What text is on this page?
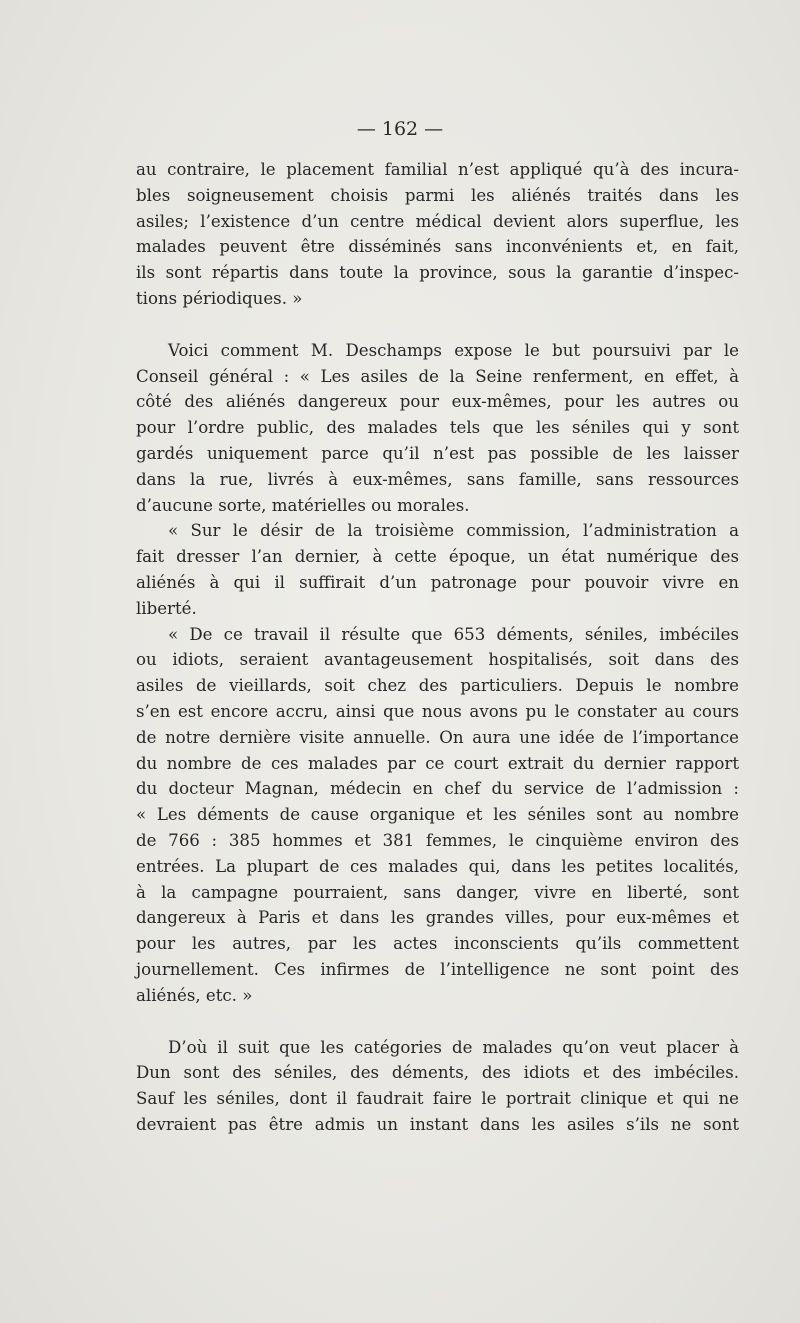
— 162 —

au contraire, le placement familial n’est appliqué qu’à des incura-
bles soigneusement choisis parmi les aliénés traités dans les
asiles; l’existence d’un centre médical devient alors superflue, les
malades peuvent être disséminés sans inconvénients et, en fait,
ils sont répartis dans toute la province, sous la garantie d’inspec-
tions périodiques. »

Voici comment M. Deschamps expose le but poursuivi par le
Conseil général : « Les asiles de la Seine renferment, en effet, à
côté des aliénés dangereux pour eux-mêmes, pour les autres ou
pour l’ordre public, des malades tels que les séniles qui y sont
gardés uniquement parce qu’il n’est pas possible de les laisser
dans la rue, livrés à eux-mêmes, sans famille, sans ressources
d’aucune sorte, matérielles ou morales.

« Sur le désir de la troisième commission, l’administration a
fait dresser l’an dernier, à cette époque, un état numérique des
aliénés à qui il suffirait d’un patronage pour pouvoir vivre en
liberté.

« De ce travail il résulte que 653 déments, séniles, imbéciles
ou idiots, seraient avantageusement hospitalisés, soit dans des
asiles de vieillards, soit chez des particuliers. Depuis le nombre
s’en est encore accru, ainsi que nous avons pu le constater au cours
de notre dernière visite annuelle. On aura une idée de l’importance
du nombre de ces malades par ce court extrait du dernier rapport
du docteur Magnan, médecin en chef du service de l’admission :
« Les déments de cause organique et les séniles sont au nombre
de 766 : 385 hommes et 381 femmes, le cinquième environ des
entrées. La plupart de ces malades qui, dans les petites localités,
à la campagne pourraient, sans danger, vivre en liberté, sont
dangereux à Paris et dans les grandes villes, pour eux-mêmes et
pour les autres, par les actes inconscients qu’ils commettent
journellement. Ces infirmes de l’intelligence ne sont point des
aliénés, etc. »

D’où il suit que les catégories de malades qu’on veut placer à
Dun sont des séniles, des déments, des idiots et des imbéciles.
Sauf les séniles, dont il faudrait faire le portrait clinique et qui ne
devraient pas être admis un instant dans les asiles s’ils ne sont
